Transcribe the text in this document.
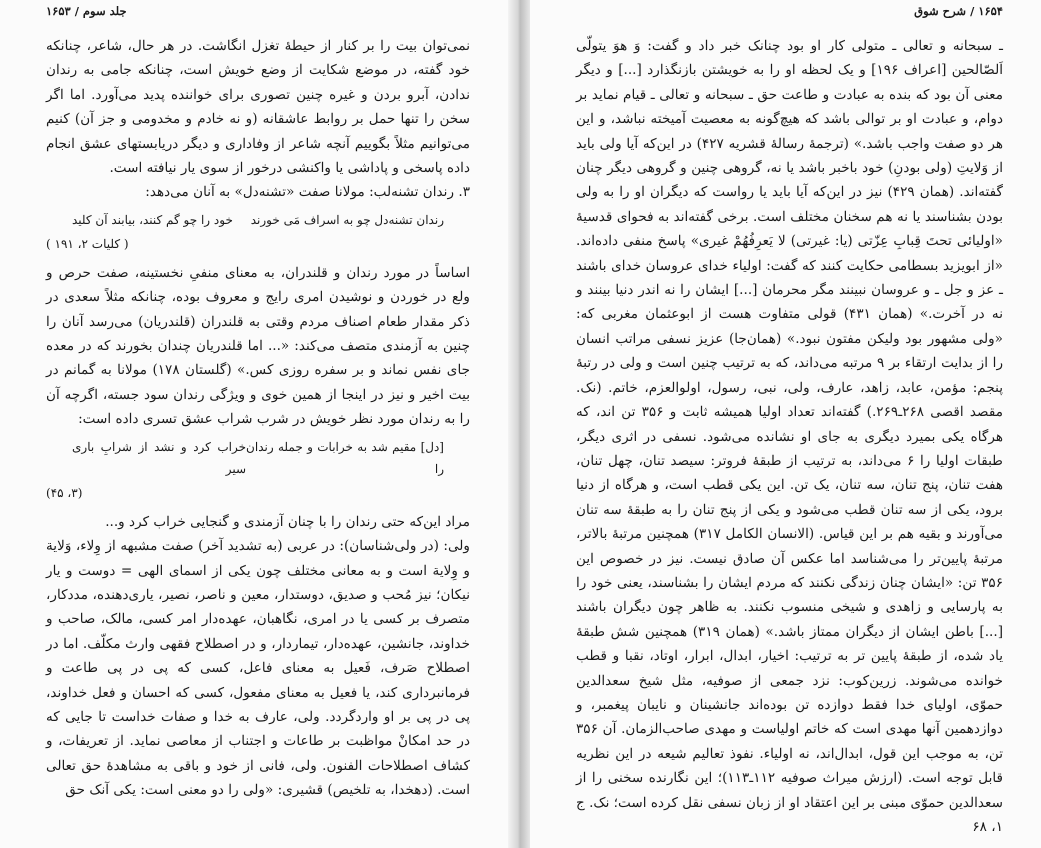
جلد سوم / ۱۶۵۳

نمی‌توان بیت را بر کنار از حیطهٔ تغزل انگاشت. در هر حال، شاعر، چنانکه خود گفته، در موضع شکایت از وضع خویش است، چنانکه جامی به رندان ندادن، آبرو بردن و غیره چنین تصوری برای خواننده پدید می‌آورد. اما اگر سخن را تنها حمل بر روابط عاشقانه (و نه خادم و مخدومی و جز آن) کنیم می‌توانیم مثلاً بگوییم آنچه شاعر از وفاداری و دیگر دریابستهای عشق انجام داده پاسخی و پاداشی یا واکنشی درخور از سوی یار نیافته است.

۳. رندان تشنه‌لب: مولانا صفت «تشنه‌دل» به آنان می‌دهد:

رندان تشنه‌دل چو به اسراف مَی خورند
خود را چو گم کنند، بیابند آن کلید
( کلیات ۲، ۱۹۱ )

اساساً در مورد رندان و قلندران، به معنای منفیِ نخستینه، صفت حرص و ولع در خوردن و نوشیدن امری رایج و معروف بوده، چنانکه مثلاً سعدی در ذکر مقدار طعام اصناف مردم وقتی به قلندران (قلندریان) می‌رسد آنان را چنین به آزمندی متصف می‌کند: «... اما قلندریان چندان بخورند که در معده جای نفس نماند و بر سفره روزی کس.» (گلستان ۱۷۸) مولانا به گمانم در بیت اخیر و نیز در اینجا از همین خوی و ویژگی رندان سود جسته، اگرچه آن را به رندان مورد نظر خویش در شرب شراب عشق تسری داده است:

[دل] مقیم شد به خرابات و جمله رندان را
خراب کرد و نشد از شرابِ باری سیر
(۳، ۴۵)

مراد این‌که حتی رندان را با چنان آزمندی و گنجایی خراب کرد و...

ولی: (در ولی‌شناسان): در عربی (به تشدید آخر) صفت مشبهه از وِلاء، وَلایة و وِلایة است و به معانی مختلف چون یکی از اسمای الهی = دوست و یار نیکان؛ نیز مُحب و صدیق، دوستدار، معین و ناصر، نصیر، یاری‌دهنده، مددکار، متصرف بر کسی یا در امری، نگاهبان، عهده‌دار امر کسی، مالک، صاحب و خداوند، جانشین، عهده‌دار، تیماردار، و در اصطلاح فقهی وارث مکلّف. اما در اصطلاح صَرف، فَعیل به معنای فاعل، کسی که پی در پی طاعت و فرمانبرداری کند، یا فعیل به معنای مفعول، کسی که احسان و فعل خداوند، پی در پی بر او واردگردد. ولی، عارف به خدا و صفات خداست تا جایی که در حد امکانْ مواظبت بر طاعات و اجتناب از معاصی نماید. از تعریفات، و کشاف اصطلاحات الفنون. ولی، فانی از خود و باقی به مشاهدهٔ حق تعالی است. (دهخدا، به تلخیص) قشیری: «ولی را دو معنی است: یکی آنک حق

۱۶۵۴ / شرح شوق

ـ سبحانه و تعالی ـ متولی کار او بود چنانک خبر داد و گفت: وَ هوَ یتولّی اَلصّالحین [اعراف ۱۹۶] و یک لحظه او را به خویشتن بازنگذارد [...] و دیگر معنی آن بود که بنده به عبادت و طاعت حق ـ سبحانه و تعالی ـ قیام نماید بر دوام، و عبادت او بر توالی باشد که هیچ‌گونه به معصیت آمیخته نباشد، و این هر دو صفت واجب باشد.» (ترجمهٔ رسالهٔ قشریه ۴۲۷) در این‌که آیا ولی باید از وَلایتِ (ولی بودنِ) خود باخبر باشد یا نه، گروهی چنین و گروهی دیگر چنان گفته‌اند. (همان ۴۲۹) نیز در این‌که آیا باید یا رواست که دیگران او را به ولی بودن بشناسند یا نه هم سخنان مختلف است. برخی گفته‌اند به فحوای قدسیهٔ «اولیائی تحتَ قِبابِ عِزّتی (یا: غیرتی) لا یَعرِفُهُمْ غیری» پاسخ منفی داده‌اند. «از ابویزید بسطامی حکایت کنند که گفت: اولیاء خدای عروسان خدای باشند ـ عز و جل ـ و عروسان نبینند مگر محرمان [...] ایشان را نه اندر دنیا بینند و نه در آخرت.» (همان ۴۳۱) قولی متفاوت هست از ابوعثمان مغربی که: «ولی مشهور بود ولیکن مفتون نبود.» (همان‌جا) عزیز نسفی مراتب انسان را از بدایت ارتقاء بر ۹ مرتبه می‌داند، که به ترتیب چنین است و ولی در رتبهٔ پنجم: مؤمن، عابد، زاهد، عارف، ولی، نبی، رسول، اولوالعزم، خاتم. (نک. مقصد اقصی ۲۶۸ـ۲۶۹.) گفته‌اند تعداد اولیا همیشه ثابت و ۳۵۶ تن اند، که هرگاه یکی بمیرد دیگری به جای او نشانده می‌شود. نسفی در اثری دیگر، طبقات اولیا را ۶ می‌داند، به ترتیب از طبقهٔ فروتر: سیصد تنان، چهل تنان، هفت تنان، پنج تنان، سه تنان، یک تن. این یکی قطب است، و هرگاه از دنیا برود، یکی از سه تنان قطب می‌شود و یکی از پنج تنان را به طبقهٔ سه تنان می‌آورند و بقیه هم بر این قیاس. (الانسان الکامل ۳۱۷) همچنین مرتبهٔ بالاتر، مرتبهٔ پایین‌تر را می‌شناسد اما عکس آن صادق نیست. نیز در خصوص این ۳۵۶ تن: «ایشان چنان زندگی نکنند که مردم ایشان را بشناسند، یعنی خود را به پارسایی و زاهدی و شیخی منسوب نکنند. به ظاهر چون دیگران باشند [...] باطن ایشان از دیگران ممتاز باشد.» (همان ۳۱۹) همچنین شش طبقهٔ یاد شده، از طبقهٔ پایین تر به ترتیب: اخیار، ابدال، ابرار، اوتاد، نقبا و قطب خوانده می‌شوند. زرین‌کوب: نزد جمعی از صوفیه، مثل شیخ سعدالدین حموّی، اولیای خدا فقط دوازده تن بوده‌اند جانشینان و نایبان پیغمبر، و دوازدهمین آنها مهدی است که خاتم اولیاست و مهدی صاحب‌الزمان. آن ۳۵۶ تن، به موجب این قول، ابدال‌اند، نه اولیاء. نفوذ تعالیم شیعه در این نظریه قابل توجه است. (ارزش میراث صوفیه ۱۱۲ـ۱۱۳)؛ این نگارنده سخنی را از سعدالدین حموّی مبنی بر این اعتقاد او از زبان نسفی نقل کرده است؛ نک. ج ۱، ۶۸
